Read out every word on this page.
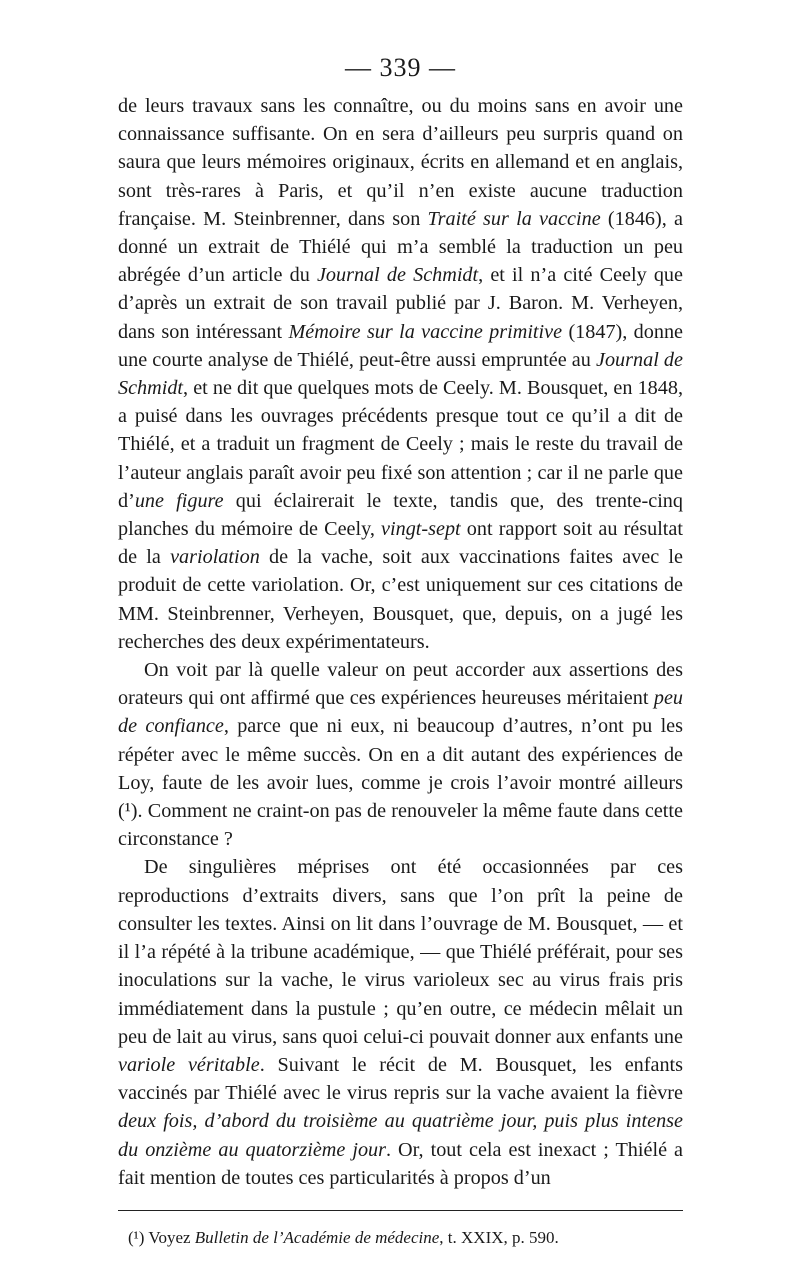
— 339 —

de leurs travaux sans les connaître, ou du moins sans en avoir une connaissance suffisante. On en sera d’ailleurs peu surpris quand on saura que leurs mémoires originaux, écrits en allemand et en anglais, sont très-rares à Paris, et qu’il n’en existe aucune traduction française. M. Steinbrenner, dans son Traité sur la vaccine (1846), a donné un extrait de Thiélé qui m’a semblé la traduction un peu abrégée d’un article du Journal de Schmidt, et il n’a cité Ceely que d’après un extrait de son travail publié par J. Baron. M. Verheyen, dans son intéressant Mémoire sur la vaccine primitive (1847), donne une courte analyse de Thiélé, peut-être aussi empruntée au Journal de Schmidt, et ne dit que quelques mots de Ceely. M. Bousquet, en 1848, a puisé dans les ouvrages précédents presque tout ce qu’il a dit de Thiélé, et a traduit un fragment de Ceely ; mais le reste du travail de l’auteur anglais paraît avoir peu fixé son attention ; car il ne parle que d’une figure qui éclairerait le texte, tandis que, des trente-cinq planches du mémoire de Ceely, vingt-sept ont rapport soit au résultat de la variolation de la vache, soit aux vaccinations faites avec le produit de cette variolation. Or, c’est uniquement sur ces citations de MM. Steinbrenner, Verheyen, Bousquet, que, depuis, on a jugé les recherches des deux expérimentateurs.

On voit par là quelle valeur on peut accorder aux assertions des orateurs qui ont affirmé que ces expériences heureuses méritaient peu de confiance, parce que ni eux, ni beaucoup d’autres, n’ont pu les répéter avec le même succès. On en a dit autant des expériences de Loy, faute de les avoir lues, comme je crois l’avoir montré ailleurs (¹). Comment ne craint-on pas de renouveler la même faute dans cette circonstance ?

De singulières méprises ont été occasionnées par ces reproductions d’extraits divers, sans que l’on prît la peine de consulter les textes. Ainsi on lit dans l’ouvrage de M. Bousquet, — et il l’a répété à la tribune académique, — que Thiélé préférait, pour ses inoculations sur la vache, le virus varioleux sec au virus frais pris immédiatement dans la pustule ; qu’en outre, ce médecin mêlait un peu de lait au virus, sans quoi celui-ci pouvait donner aux enfants une variole véritable. Suivant le récit de M. Bousquet, les enfants vaccinés par Thiélé avec le virus repris sur la vache avaient la fièvre deux fois, d’abord du troisième au quatrième jour, puis plus intense du onzième au quatorzième jour. Or, tout cela est inexact ; Thiélé a fait mention de toutes ces particularités à propos d’un

(¹) Voyez Bulletin de l’Académie de médecine, t. XXIX, p. 590.
